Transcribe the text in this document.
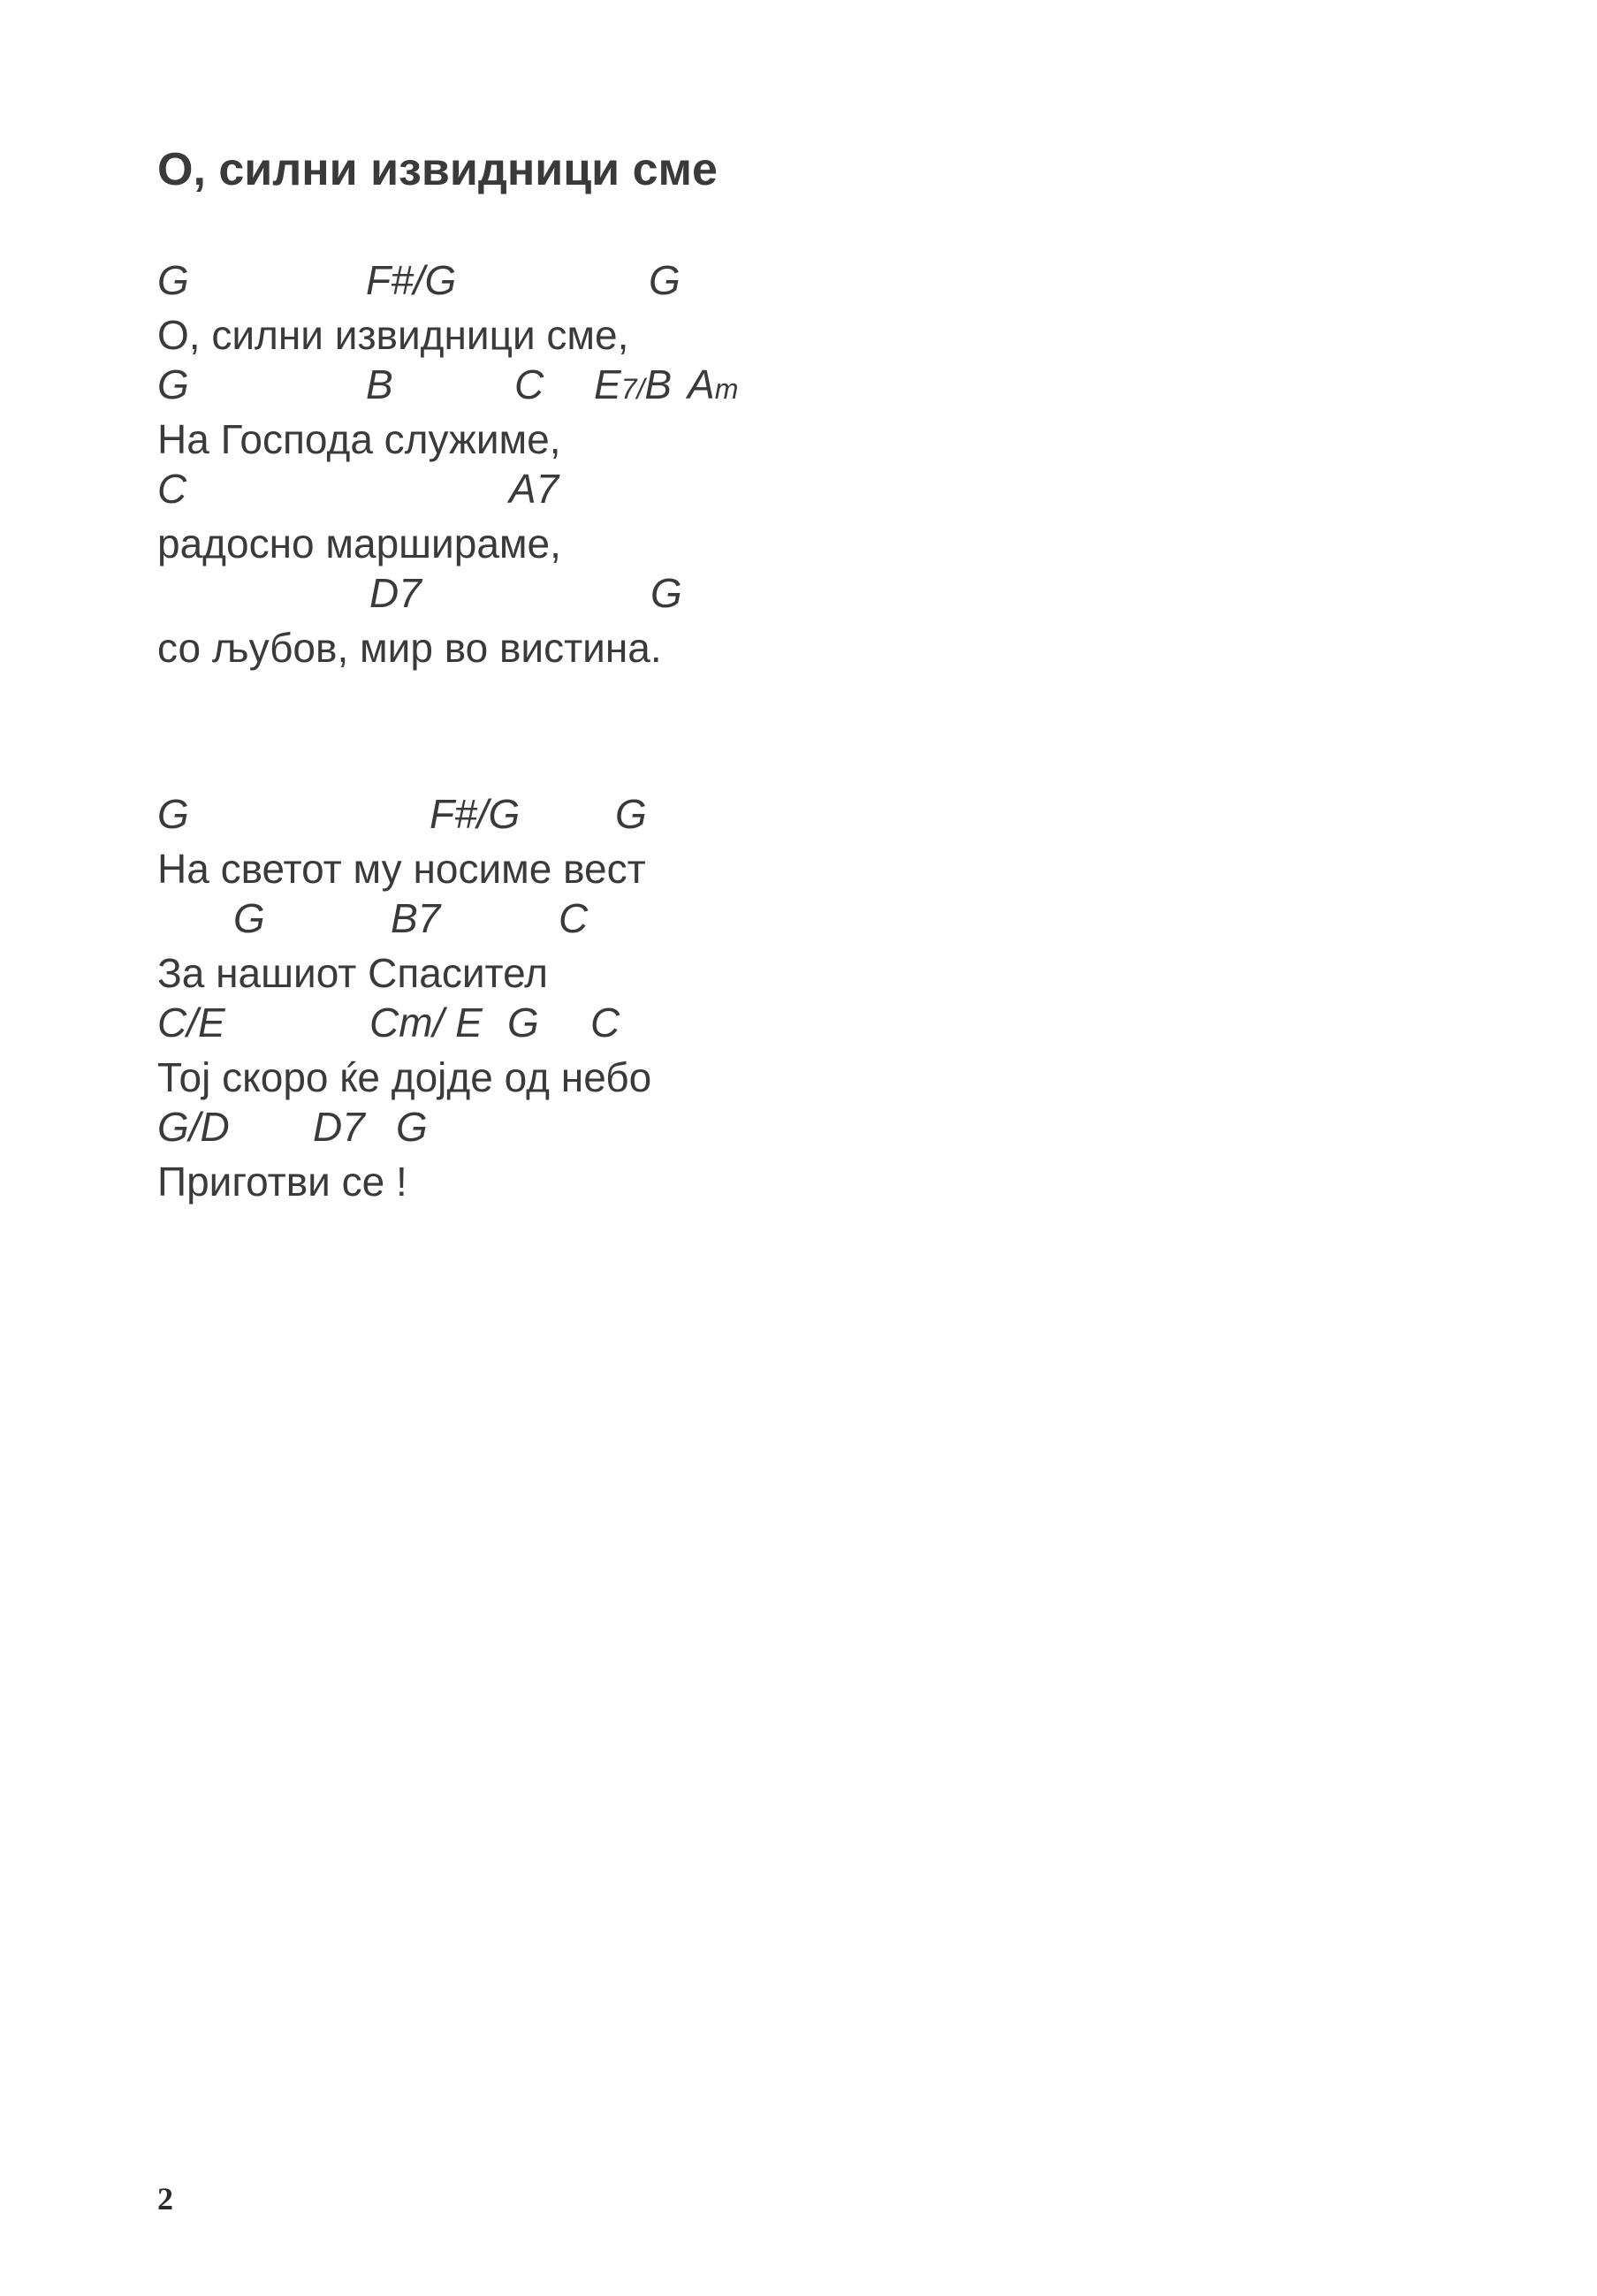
О, силни извидници сме
G	F#/G	G
О, силни извидници сме,
G	B	C E7/B Am
На Господа служиме,
C	A7
радосно маршираме,
D7	G
со љубов, мир во вистина.
G	F#/G G
На светот му носиме вест
G	B7	C
За нашиот Спасител
C/E	Cm/ E G C
Тој скоро ќе дојде од небо
G/D D7 G
Приготви се !
2
